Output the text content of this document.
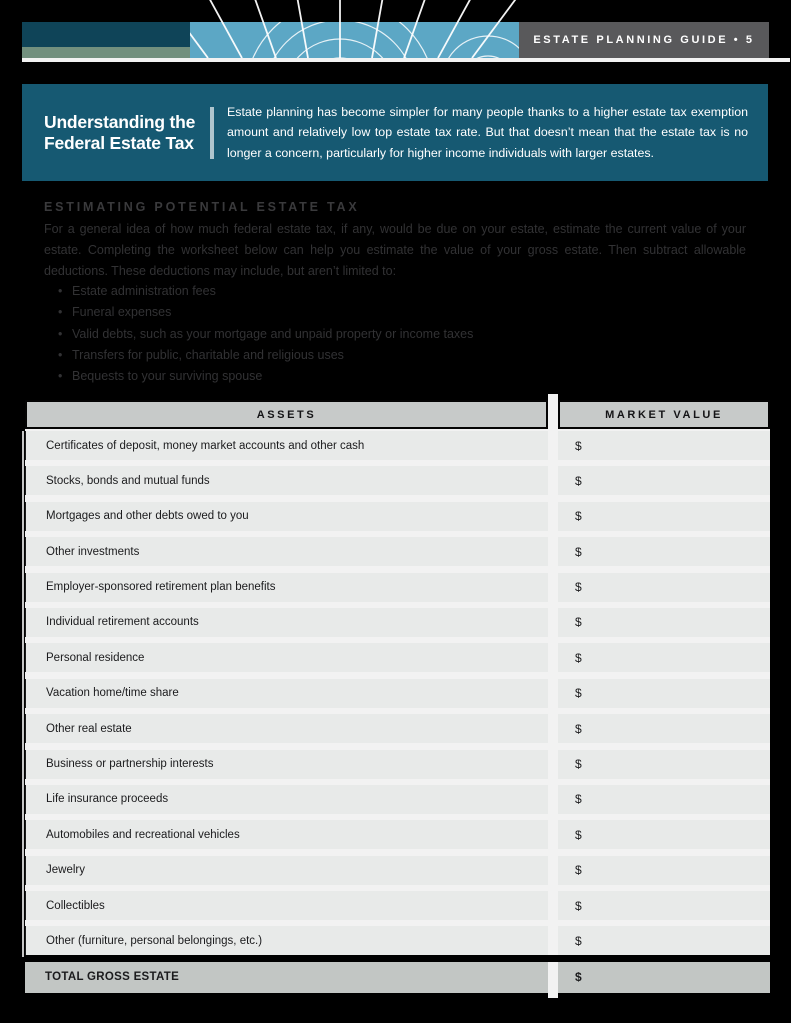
ESTATE PLANNING GUIDE • 5
Understanding the
Federal Estate Tax

Estate planning has become simpler for many people thanks to a higher estate tax exemption amount and relatively low top estate tax rate. But that doesn’t mean that the estate tax is no longer a concern, particularly for higher income individuals with larger estates.

ESTIMATING POTENTIAL ESTATE TAX

For a general idea of how much federal estate tax, if any, would be due on your estate, estimate the current value of your estate. Completing the worksheet below can help you estimate the value of your gross estate. Then subtract allowable deductions. These deductions may include, but aren’t limited to:

• Estate administration fees
• Funeral expenses
• Valid debts, such as your mortgage and unpaid property or income taxes
• Transfers for public, charitable and religious uses
• Bequests to your surviving spouse
ASSETS	MARKET VALUE
Certificates of deposit, money market accounts and other cash	$
Stocks, bonds and mutual funds	$
Mortgages and other debts owed to you	$
Other investments	$
Employer-sponsored retirement plan benefits	$
Individual retirement accounts	$
Personal residence	$
Vacation home/time share	$
Other real estate	$
Business or partnership interests	$
Life insurance proceeds	$
Automobiles and recreational vehicles	$
Jewelry	$
Collectibles	$
Other (furniture, personal belongings, etc.)	$
TOTAL GROSS ESTATE	$
